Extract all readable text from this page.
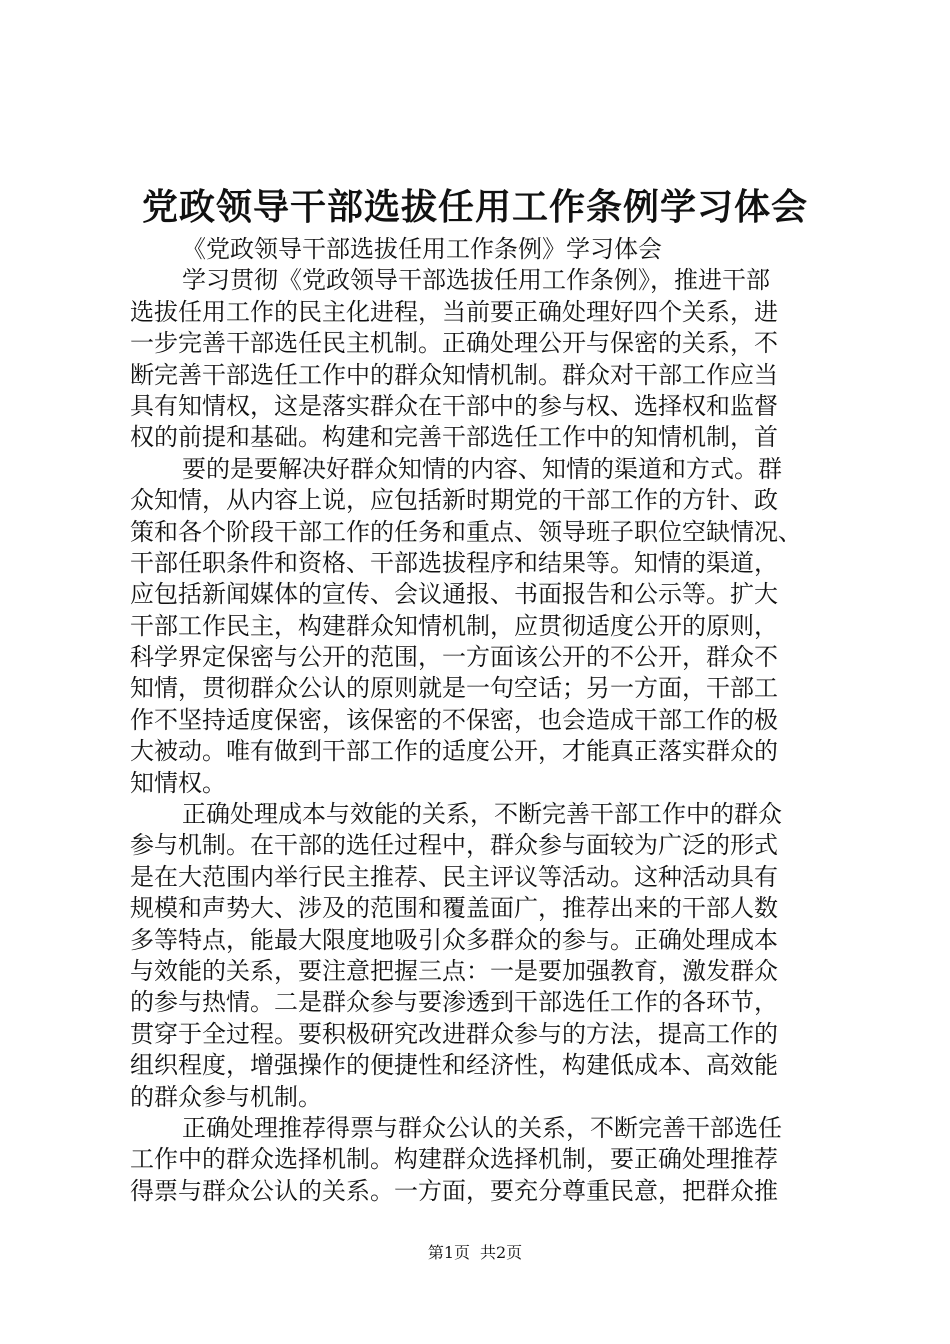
党政领导干部选拔任用工作条例学习体会
《党政领导干部选拔任用工作条例》学习体会
学习贯彻《党政领导干部选拔任用工作条例》，推进干部
选拔任用工作的民主化进程，当前要正确处理好四个关系，进
一步完善干部选任民主机制。正确处理公开与保密的关系，不
断完善干部选任工作中的群众知情机制。群众对干部工作应当
具有知情权，这是落实群众在干部中的参与权、选择权和监督
权的前提和基础。构建和完善干部选任工作中的知情机制，首
要的是要解决好群众知情的内容、知情的渠道和方式。群
众知情，从内容上说，应包括新时期党的干部工作的方针、政
策和各个阶段干部工作的任务和重点、领导班子职位空缺情况、
干部任职条件和资格、干部选拔程序和结果等。知情的渠道，
应包括新闻媒体的宣传、会议通报、书面报告和公示等。扩大
干部工作民主，构建群众知情机制，应贯彻适度公开的原则，
科学界定保密与公开的范围，一方面该公开的不公开，群众不
知情，贯彻群众公认的原则就是一句空话；另一方面，干部工
作不坚持适度保密，该保密的不保密，也会造成干部工作的极
大被动。唯有做到干部工作的适度公开，才能真正落实群众的
知情权。
正确处理成本与效能的关系，不断完善干部工作中的群众
参与机制。在干部的选任过程中，群众参与面较为广泛的形式
是在大范围内举行民主推荐、民主评议等活动。这种活动具有
规模和声势大、涉及的范围和覆盖面广，推荐出来的干部人数
多等特点，能最大限度地吸引众多群众的参与。正确处理成本
与效能的关系，要注意把握三点：一是要加强教育，激发群众
的参与热情。二是群众参与要渗透到干部选任工作的各环节，
贯穿于全过程。要积极研究改进群众参与的方法，提高工作的
组织程度，增强操作的便捷性和经济性，构建低成本、高效能
的群众参与机制。
正确处理推荐得票与群众公认的关系，不断完善干部选任
工作中的群众选择机制。构建群众选择机制，要正确处理推荐
得票与群众公认的关系。一方面，要充分尊重民意，把群众推
第1页 共2页
